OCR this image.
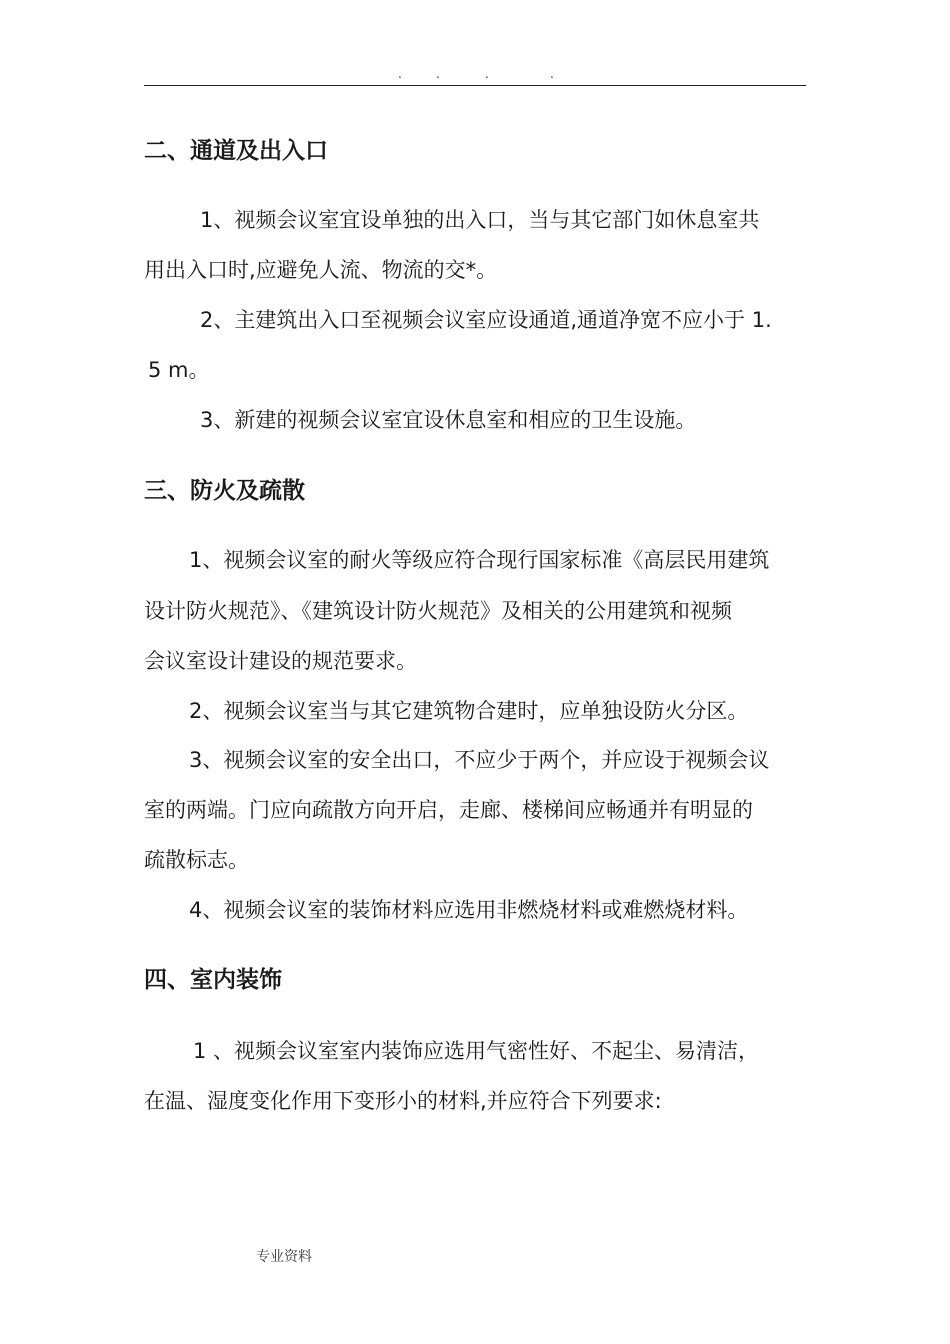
.	.	.	.
二、通道及出入口
1、视频会议室宜设单独的出入口，当与其它部门如休息室共
用出入口时,应避免人流、物流的交*。
2、主建筑出入口至视频会议室应设通道,通道净宽不应小于 1.
5 m。
3、新建的视频会议室宜设休息室和相应的卫生设施。
三、防火及疏散
1、视频会议室的耐火等级应符合现行国家标准《高层民用建筑
设计防火规范》、《建筑设计防火规范》及相关的公用建筑和视频
会议室设计建设的规范要求。
2、视频会议室当与其它建筑物合建时，应单独设防火分区。
3、视频会议室的安全出口，不应少于两个，并应设于视频会议
室的两端。门应向疏散方向开启，走廊、楼梯间应畅通并有明显的
疏散标志。
4、视频会议室的装饰材料应选用非燃烧材料或难燃烧材料。
四、室内装饰
1 、视频会议室室内装饰应选用气密性好、不起尘、易清洁，
在温、湿度变化作用下变形小的材料,并应符合下列要求:
专业资料
